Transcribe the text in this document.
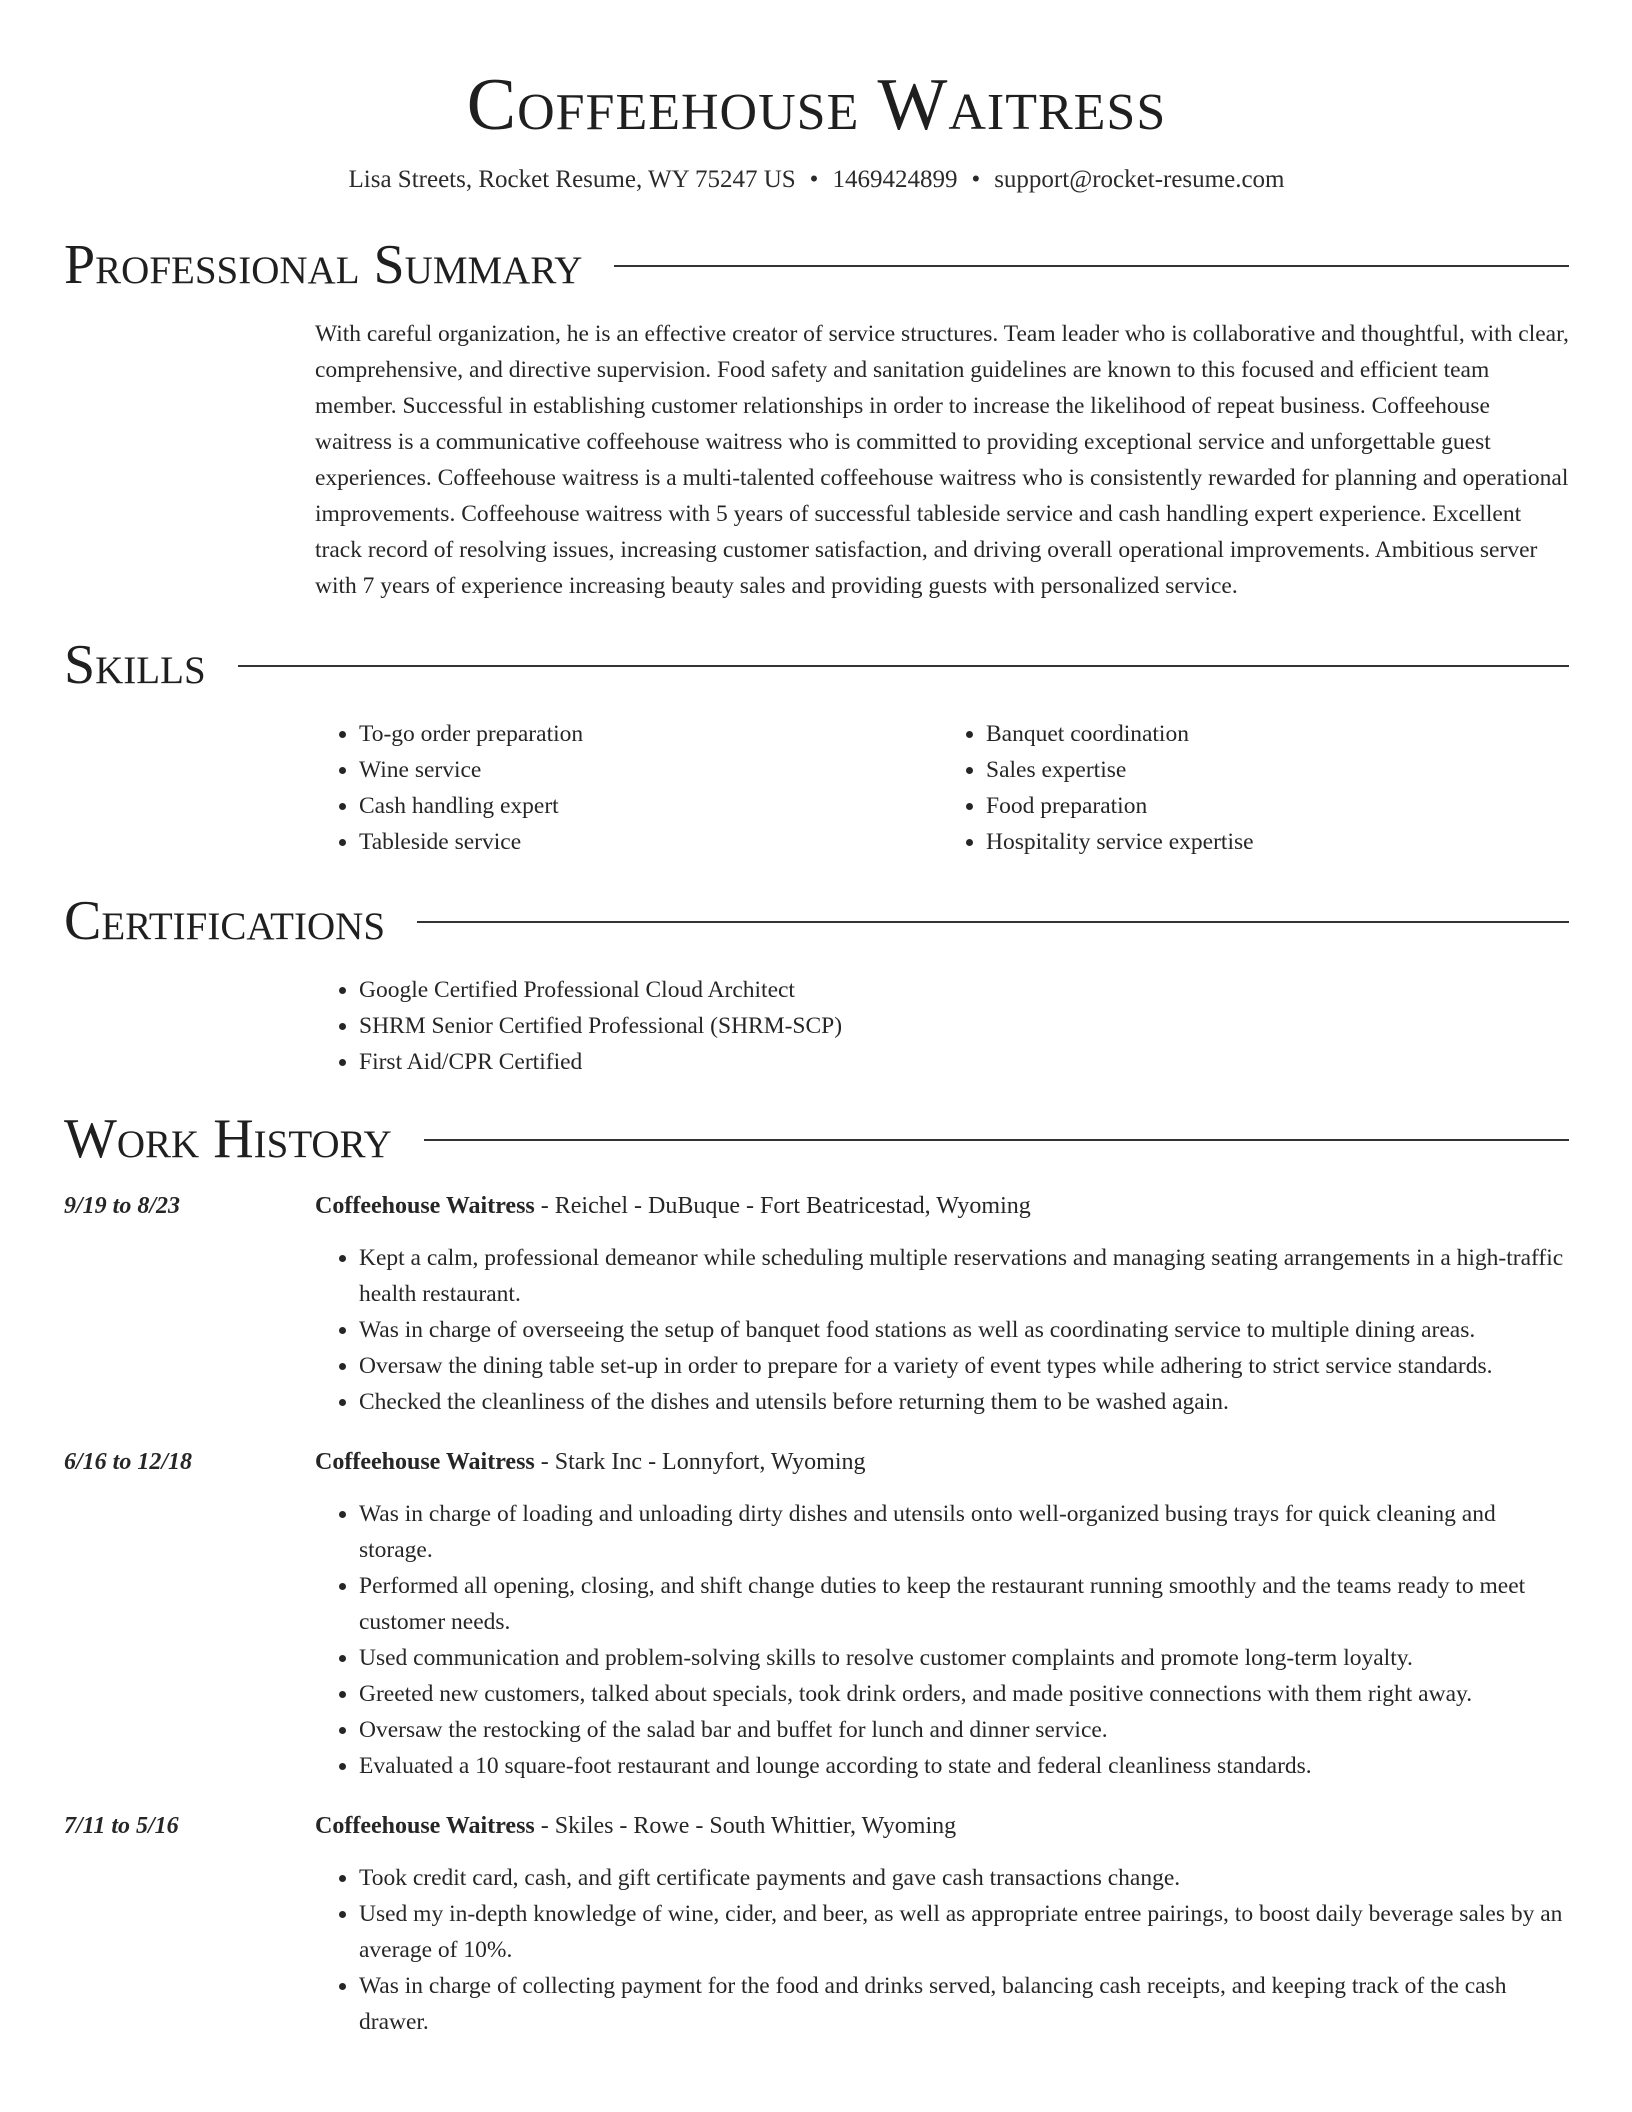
Coffeehouse Waitress
Lisa Streets, Rocket Resume, WY 75247 US • 1469424899 • support@rocket-resume.com
Professional Summary
With careful organization, he is an effective creator of service structures. Team leader who is collaborative and thoughtful, with clear, comprehensive, and directive supervision. Food safety and sanitation guidelines are known to this focused and efficient team member. Successful in establishing customer relationships in order to increase the likelihood of repeat business. Coffeehouse waitress is a communicative coffeehouse waitress who is committed to providing exceptional service and unforgettable guest experiences. Coffeehouse waitress is a multi-talented coffeehouse waitress who is consistently rewarded for planning and operational improvements. Coffeehouse waitress with 5 years of successful tableside service and cash handling expert experience. Excellent track record of resolving issues, increasing customer satisfaction, and driving overall operational improvements. Ambitious server with 7 years of experience increasing beauty sales and providing guests with personalized service.
Skills
• To-go order preparation
• Wine service
• Cash handling expert
• Tableside service
• Banquet coordination
• Sales expertise
• Food preparation
• Hospitality service expertise
Certifications
• Google Certified Professional Cloud Architect
• SHRM Senior Certified Professional (SHRM-SCP)
• First Aid/CPR Certified
Work History
9/19 to 8/23	Coffeehouse Waitress - Reichel - DuBuque - Fort Beatricestad, Wyoming
• Kept a calm, professional demeanor while scheduling multiple reservations and managing seating arrangements in a high-traffic health restaurant.
• Was in charge of overseeing the setup of banquet food stations as well as coordinating service to multiple dining areas.
• Oversaw the dining table set-up in order to prepare for a variety of event types while adhering to strict service standards.
• Checked the cleanliness of the dishes and utensils before returning them to be washed again.
6/16 to 12/18	Coffeehouse Waitress - Stark Inc - Lonnyfort, Wyoming
• Was in charge of loading and unloading dirty dishes and utensils onto well-organized busing trays for quick cleaning and storage.
• Performed all opening, closing, and shift change duties to keep the restaurant running smoothly and the teams ready to meet customer needs.
• Used communication and problem-solving skills to resolve customer complaints and promote long-term loyalty.
• Greeted new customers, talked about specials, took drink orders, and made positive connections with them right away.
• Oversaw the restocking of the salad bar and buffet for lunch and dinner service.
• Evaluated a 10 square-foot restaurant and lounge according to state and federal cleanliness standards.
7/11 to 5/16	Coffeehouse Waitress - Skiles - Rowe - South Whittier, Wyoming
• Took credit card, cash, and gift certificate payments and gave cash transactions change.
• Used my in-depth knowledge of wine, cider, and beer, as well as appropriate entree pairings, to boost daily beverage sales by an average of 10%.
• Was in charge of collecting payment for the food and drinks served, balancing cash receipts, and keeping track of the cash drawer.
